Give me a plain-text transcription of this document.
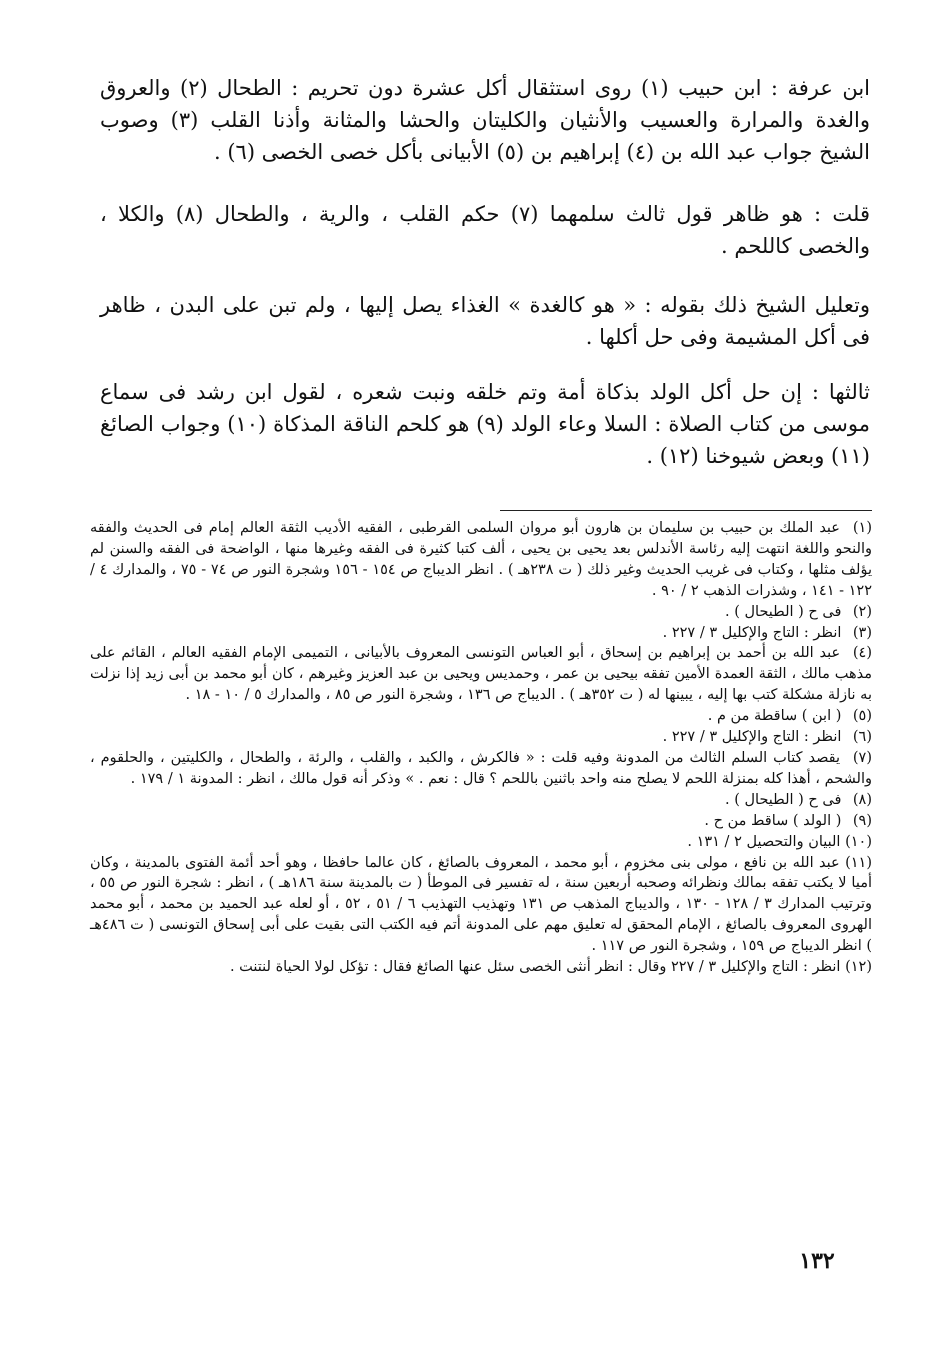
ابن عرفة : ابن حبيب (١) روى استثقال أكل عشرة دون تحريم : الطحال (٢) والعروق والغدة والمرارة والعسيب والأنثيان والكليتان والحشا والمثانة وأذنا القلب (٣) وصوب الشيخ جواب عبد الله بن (٤) إبراهيم بن (٥) الأبيانى بأكل خصى الخصى (٦) .

قلت : هو ظاهر قول ثالث سلمهما (٧) حكم القلب ، والرية ، والطحال (٨) والكلا ، والخصى كاللحم .

وتعليل الشيخ ذلك بقوله : « هو كالغدة » الغذاء يصل إليها ، ولم تبن على البدن ، ظاهر فى أكل المشيمة وفى حل أكلها .

ثالثها : إن حل أكل الولد بذكاة أمة وتم خلقه ونبت شعره ، لقول ابن رشد فى سماع موسى من كتاب الصلاة : السلا وعاء الولد (٩) هو كلحم الناقة المذكاة (١٠) وجواب الصائغ (١١) وبعض شيوخنا (١٢) .

(١) عبد الملك بن حبيب بن سليمان بن هارون أبو مروان السلمى القرطبى ، الفقيه الأديب الثقة العالم إمام فى الحديث والفقه والنحو واللغة انتهت إليه رئاسة الأندلس بعد يحيى بن يحيى ، ألف كتبا كثيرة فى الفقه وغيرها منها ، الواضحة فى الفقه والسنن لم يؤلف مثلها ، وكتاب فى غريب الحديث وغير ذلك ( ت ٢٣٨هـ ) . انظر الديباج ص ١٥٤ - ١٥٦ وشجرة النور ص ٧٤ - ٧٥ ، والمدارك ٤ / ١٢٢ - ١٤١ ، وشذرات الذهب ٢ / ٩٠ .

(٢) فى ح ( الطيحال ) .

(٣) انظر : التاج والإكليل ٣ / ٢٢٧ .

(٤) عبد الله بن أحمد بن إبراهيم بن إسحاق ، أبو العباس التونسى المعروف بالأبيانى ، التميمى الإمام الفقيه العالم ، القائم على مذهب مالك ، الثقة العمدة الأمين تفقه بيحيى بن عمر ، وحمديس ويحيى بن عبد العزيز وغيرهم ، كان أبو محمد بن أبى زيد إذا نزلت به نازلة مشكلة كتب بها إليه ، يبينها له ( ت ٣٥٢هـ ) . الديباج ص ١٣٦ ، وشجرة النور ص ٨٥ ، والمدارك ٥ / ١٠ - ١٨ .

(٥) ( ابن ) ساقطة من م .

(٦) انظر : التاج والإكليل ٣ / ٢٢٧ .

(٧) يقصد كتاب السلم الثالث من المدونة وفيه قلت : « فالكرش ، والكبد ، والقلب ، والرئة ، والطحال ، والكليتين ، والحلقوم ، والشحم ، أهذا كله بمنزلة اللحم لا يصلح منه واحد باثنين باللحم ؟ قال : نعم . » وذكر أنه قول مالك ، انظر : المدونة ١ / ١٧٩ .

(٨) فى ح ( الطيحال ) .

(٩) ( الولد ) ساقط من ح .

(١٠) البيان والتحصيل ٢ / ١٣١ .

(١١) عبد الله بن نافع ، مولى بنى مخزوم ، أبو محمد ، المعروف بالصائغ ، كان عالما حافظا ، وهو أحد أئمة الفتوى بالمدينة ، وكان أميا لا يكتب تفقه بمالك ونظرائه وصحبه أربعين سنة ، له تفسير فى الموطأ ( ت بالمدينة سنة ١٨٦هـ ) ، انظر : شجرة النور ص ٥٥ ، وترتيب المدارك ٣ / ١٢٨ - ١٣٠ ، والديباج المذهب ص ١٣١ وتهذيب التهذيب ٦ / ٥١ ، ٥٢ ، أو لعله عبد الحميد بن محمد ، أبو محمد الهروى المعروف بالصائغ ، الإمام المحقق له تعليق مهم على المدونة أتم فيه الكتب التى بقيت على أبى إسحاق التونسى ( ت ٤٨٦هـ ) انظر الديباج ص ١٥٩ ، وشجرة النور ص ١١٧ .

(١٢) انظر : التاج والإكليل ٣ / ٢٢٧ وقال : انظر أنثى الخصى سئل عنها الصائغ فقال : تؤكل لولا الحياة لنتنت .

١٣٢
